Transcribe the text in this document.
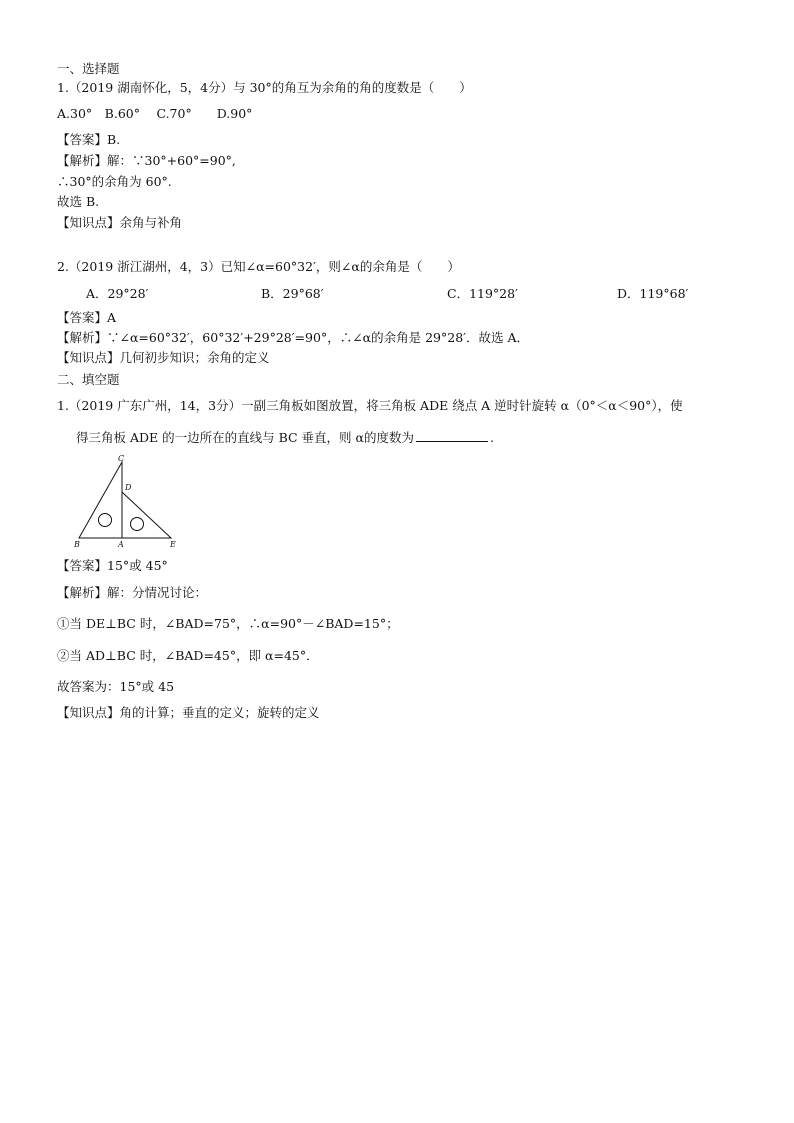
一、选择题
1.（2019 湖南怀化，5，4分）与 30°的角互为余角的角的度数是（　　）
A.30°　B.60°　 C.70°　　D.90°
【答案】B.
【解析】解：∵30°+60°=90°,
∴30°的余角为 60°.
故选 B.
【知识点】余角与补角
2.（2019 浙江湖州，4，3）已知∠α=60°32′，则∠α的余角是（　　）
A．29°28′	B．29°68′	C．119°28′	D．119°68′
【答案】A
【解析】∵∠α=60°32′，60°32′+29°28′=90°，∴∠α的余角是 29°28′．故选 A．
【知识点】几何初步知识；余角的定义
二、填空题
1.（2019 广东广州，14，3分）一副三角板如图放置，将三角板 ADE 绕点 A 逆时针旋转 α（0°＜α＜90°），使
得三角板 ADE 的一边所在的直线与 BC 垂直，则 α的度数为	.
C
D
B	A	E
【答案】15°或 45°
【解析】解：分情况讨论：
①当 DE⊥BC 时，∠BAD=75°，∴α=90°－∠BAD=15°；
②当 AD⊥BC 时，∠BAD=45°，即 α=45°．
故答案为：15°或 45
【知识点】角的计算；垂直的定义；旋转的定义
